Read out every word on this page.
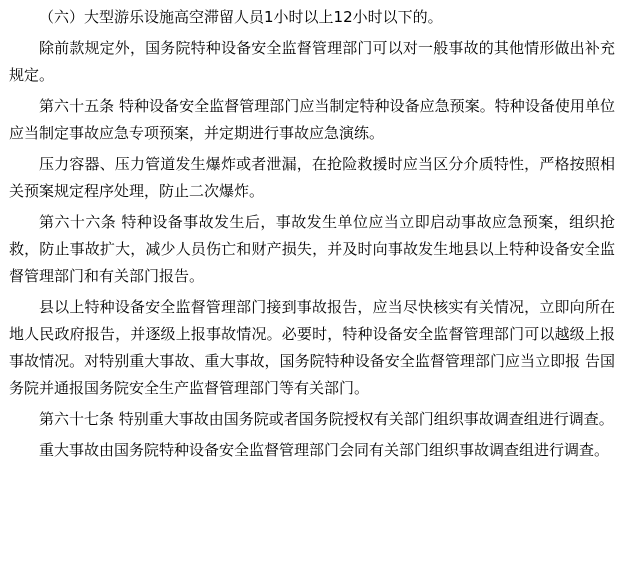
（六）大型游乐设施高空滞留人员1小时以上12小时以下的。

除前款规定外，国务院特种设备安全监督管理部门可以对一般事故的其他情形做出补充规定。

第六十五条 特种设备安全监督管理部门应当制定特种设备应急预案。特种设备使用单位应当制定事故应急专项预案，并定期进行事故应急演练。

压力容器、压力管道发生爆炸或者泄漏，在抢险救援时应当区分介质特性，严格按照相关预案规定程序处理，防止二次爆炸。

第六十六条 特种设备事故发生后，事故发生单位应当立即启动事故应急预案，组织抢救，防止事故扩大，减少人员伤亡和财产损失，并及时向事故发生地县以上特种设备安全监督管理部门和有关部门报告。

县以上特种设备安全监督管理部门接到事故报告，应当尽快核实有关情况，立即向所在地人民政府报告，并逐级上报事故情况。必要时，特种设备安全监督管理部门可以越级上报事故情况。对特别重大事故、重大事故，国务院特种设备安全监督管理部门应当立即报 告国务院并通报国务院安全生产监督管理部门等有关部门。

第六十七条 特别重大事故由国务院或者国务院授权有关部门组织事故调查组进行调查。

重大事故由国务院特种设备安全监督管理部门会同有关部门组织事故调查组进行调查。
